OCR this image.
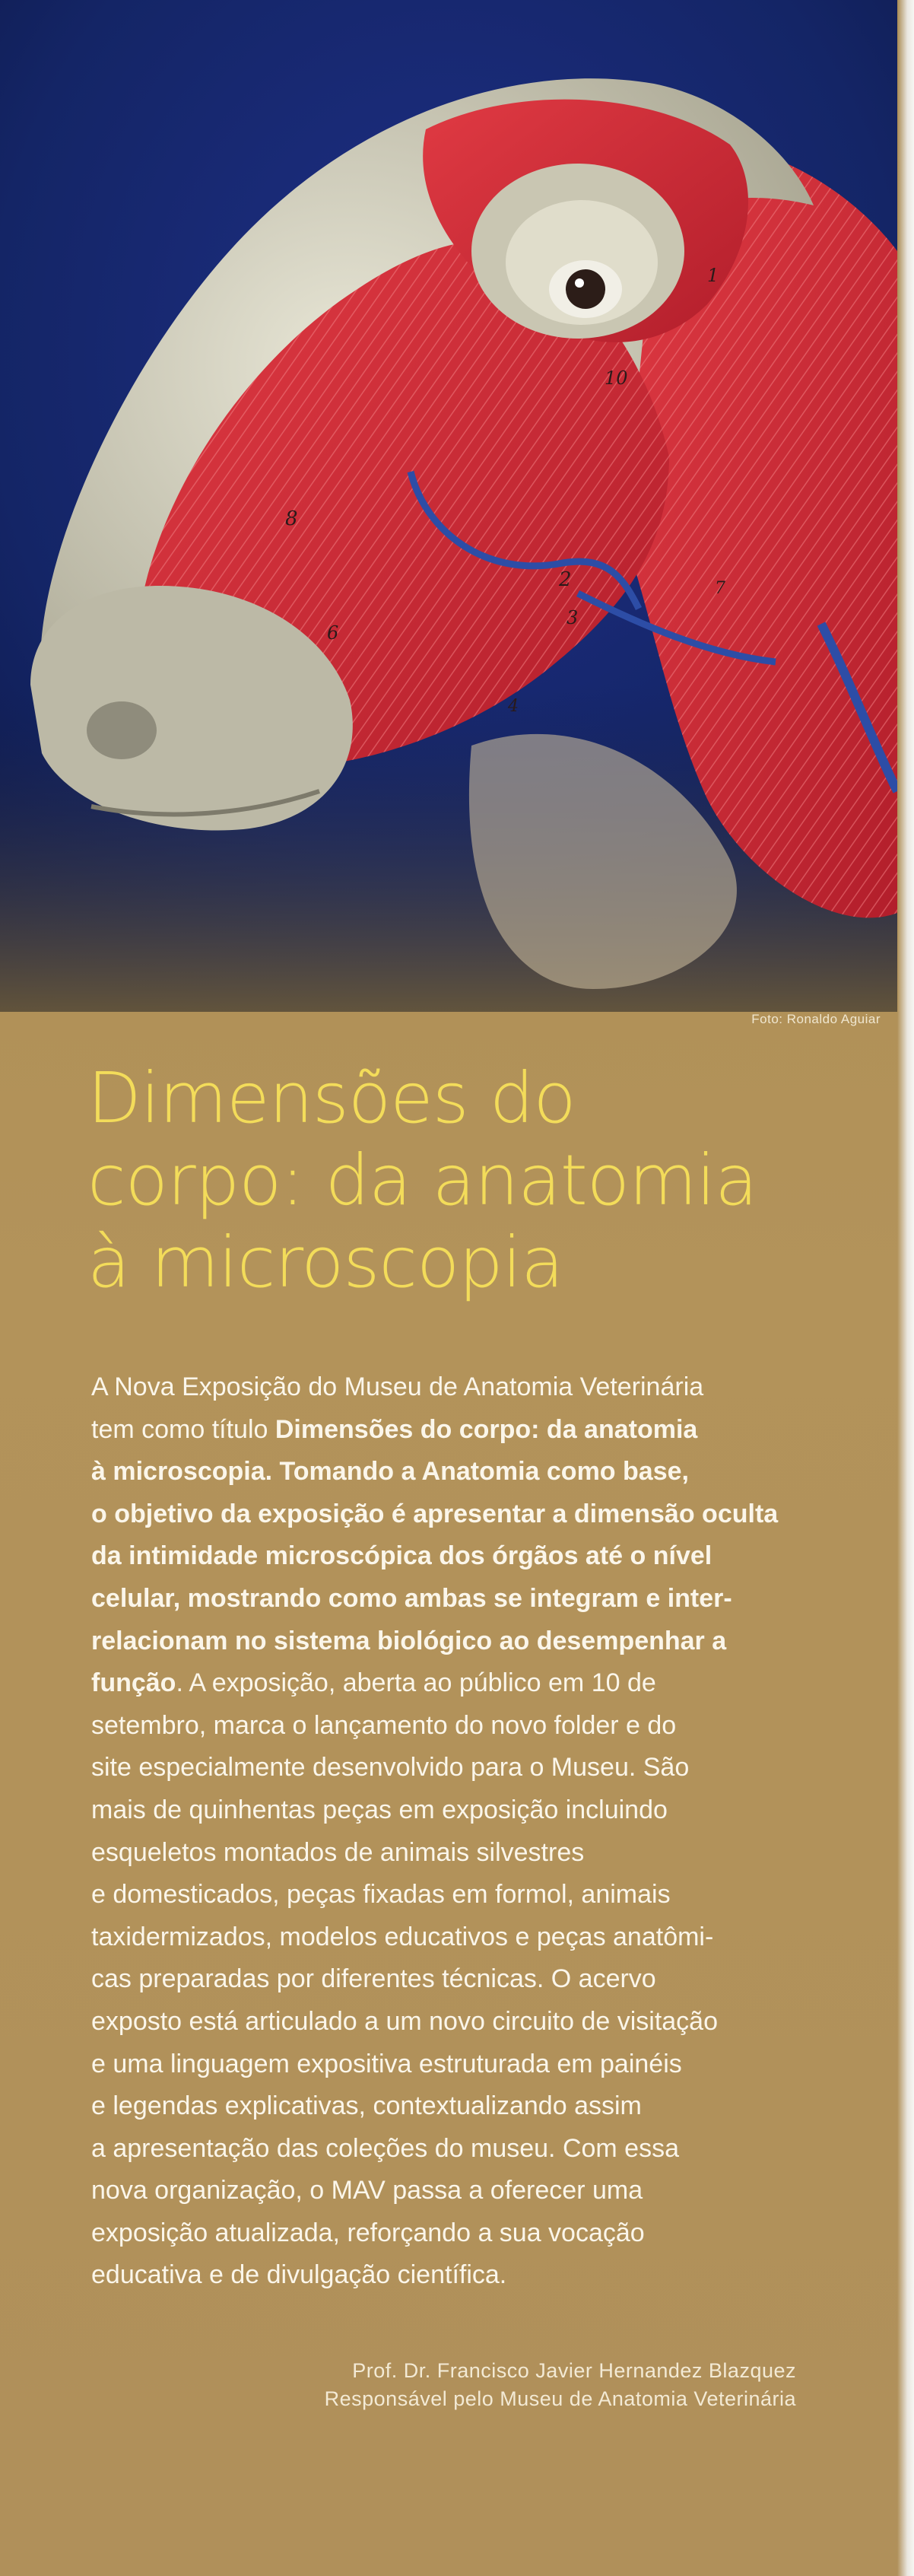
8
10
1
2
3
4
6
7
Foto: Ronaldo Aguiar
Dimensões do
corpo: da anatomia
à microscopia
A Nova Exposição do Museu de Anatomia Veterinária
tem como título Dimensões do corpo: da anatomia
à microscopia. Tomando a Anatomia como base,
o objetivo da exposição é apresentar a dimensão oculta
da intimidade microscópica dos órgãos até o nível
celular, mostrando como ambas se integram e inter-
relacionam no sistema biológico ao desempenhar a
função. A exposição, aberta ao público em 10 de
setembro, marca o lançamento do novo folder e do
site especialmente desenvolvido para o Museu. São
mais de quinhentas peças em exposição incluindo
esqueletos montados de animais silvestres
e domesticados, peças fixadas em formol, animais
taxidermizados, modelos educativos e peças anatômi-
cas preparadas por diferentes técnicas. O acervo
exposto está articulado a um novo circuito de visitação
e uma linguagem expositiva estruturada em painéis
e legendas explicativas, contextualizando assim
a apresentação das coleções do museu. Com essa
nova organização, o MAV passa a oferecer uma
exposição atualizada, reforçando a sua vocação
educativa e de divulgação científica.
Prof. Dr. Francisco Javier Hernandez Blazquez
Responsável pelo Museu de Anatomia Veterinária
